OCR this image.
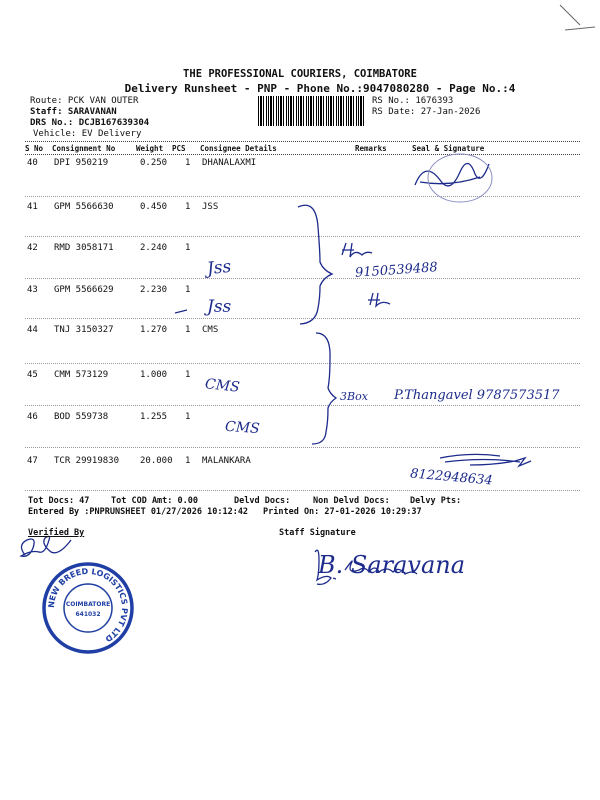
THE PROFESSIONAL COURIERS, COIMBATORE
Delivery Runsheet - PNP - Phone No.:9047080280 - Page No.:4
Route: PCK VAN OUTER
Staff: SARAVANAN
DRS No.: DCJB167639304
Vehicle: EV Delivery
RS No.: 1676393
RS Date: 27-Jan-2026
S No Consignment No	Weight PCS Consignee Details	Remarks	Seal & Signature
40 DPI 950219	0.250 1 DHANALAXMI
41 GPM 5566630	0.450 1 JSS
42 RMD 3058171	2.240 1
43 GPM 5566629	2.230 1
44 TNJ 3150327	1.270 1 CMS
45 CMM 573129	1.000 1
46 BOD 559738	1.255 1
47 TCR 29919830 20.000 1 MALANKARA
Jss
Jss
9150539488
CMS
CMS
3Box P.Thangavel 9787573517
8122948634
Tot Docs: 47	Tot COD Amt: 0.00	Delvd Docs:	Non Delvd Docs: Delvy Pts:
Entered By :PNPRUNSHEET 01/27/2026 10:12:42 Printed On: 27-01-2026 10:29:37
Verified By	Staff Signature
B. Saravana
NEW BREED LOGISTICS PVT LTD
COIMBATORE
641032
